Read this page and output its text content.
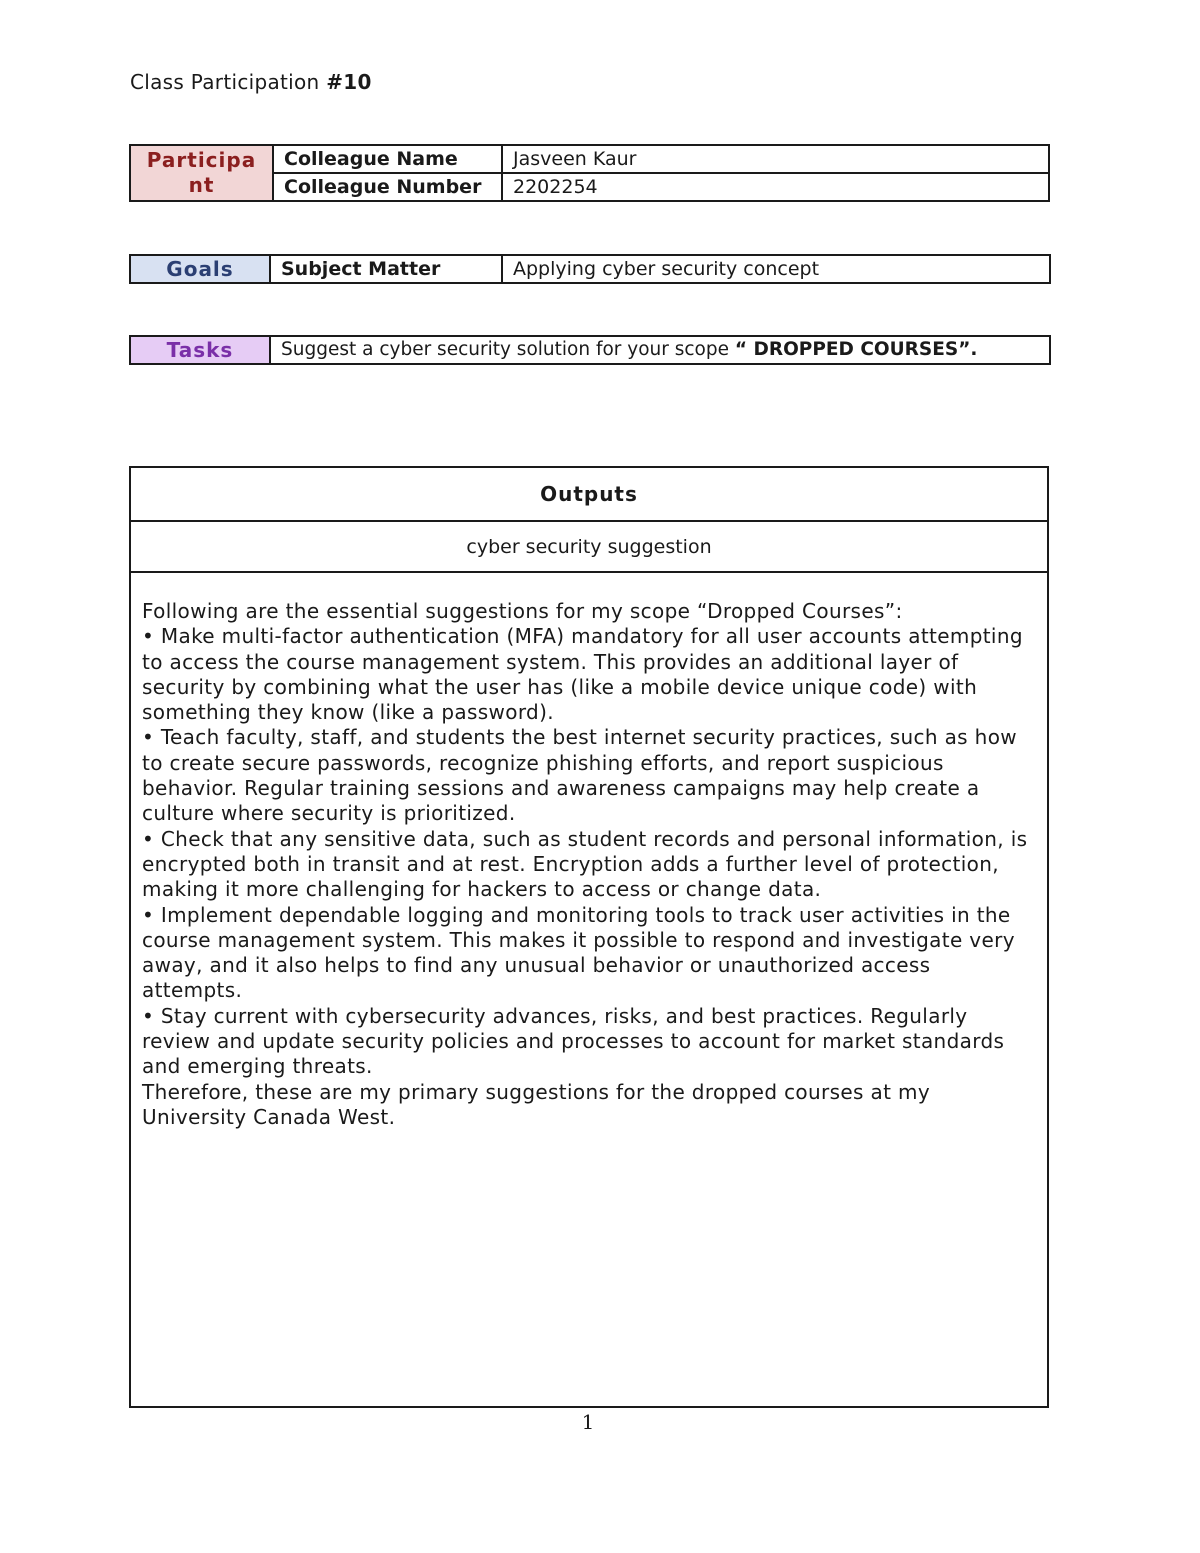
Class Participation #10
Participant	Colleague Name	Jasveen Kaur
	Colleague Number	2202254
Goals	Subject Matter	Applying cyber security concept
Tasks	Suggest a cyber security solution for your scope “ DROPPED COURSES”.
Outputs
cyber security suggestion

Following are the essential suggestions for my scope “Dropped Courses”:

• Make multi-factor authentication (MFA) mandatory for all user accounts attempting to access the course management system. This provides an additional layer of security by combining what the user has (like a mobile device unique code) with something they know (like a password).

• Teach faculty, staff, and students the best internet security practices, such as how to create secure passwords, recognize phishing efforts, and report suspicious behavior. Regular training sessions and awareness campaigns may help create a culture where security is prioritized.

• Check that any sensitive data, such as student records and personal information, is encrypted both in transit and at rest. Encryption adds a further level of protection, making it more challenging for hackers to access or change data.

• Implement dependable logging and monitoring tools to track user activities in the course management system. This makes it possible to respond and investigate very away, and it also helps to find any unusual behavior or unauthorized access attempts.

• Stay current with cybersecurity advances, risks, and best practices. Regularly review and update security policies and processes to account for market standards and emerging threats.

Therefore, these are my primary suggestions for the dropped courses at my University Canada West.

1
